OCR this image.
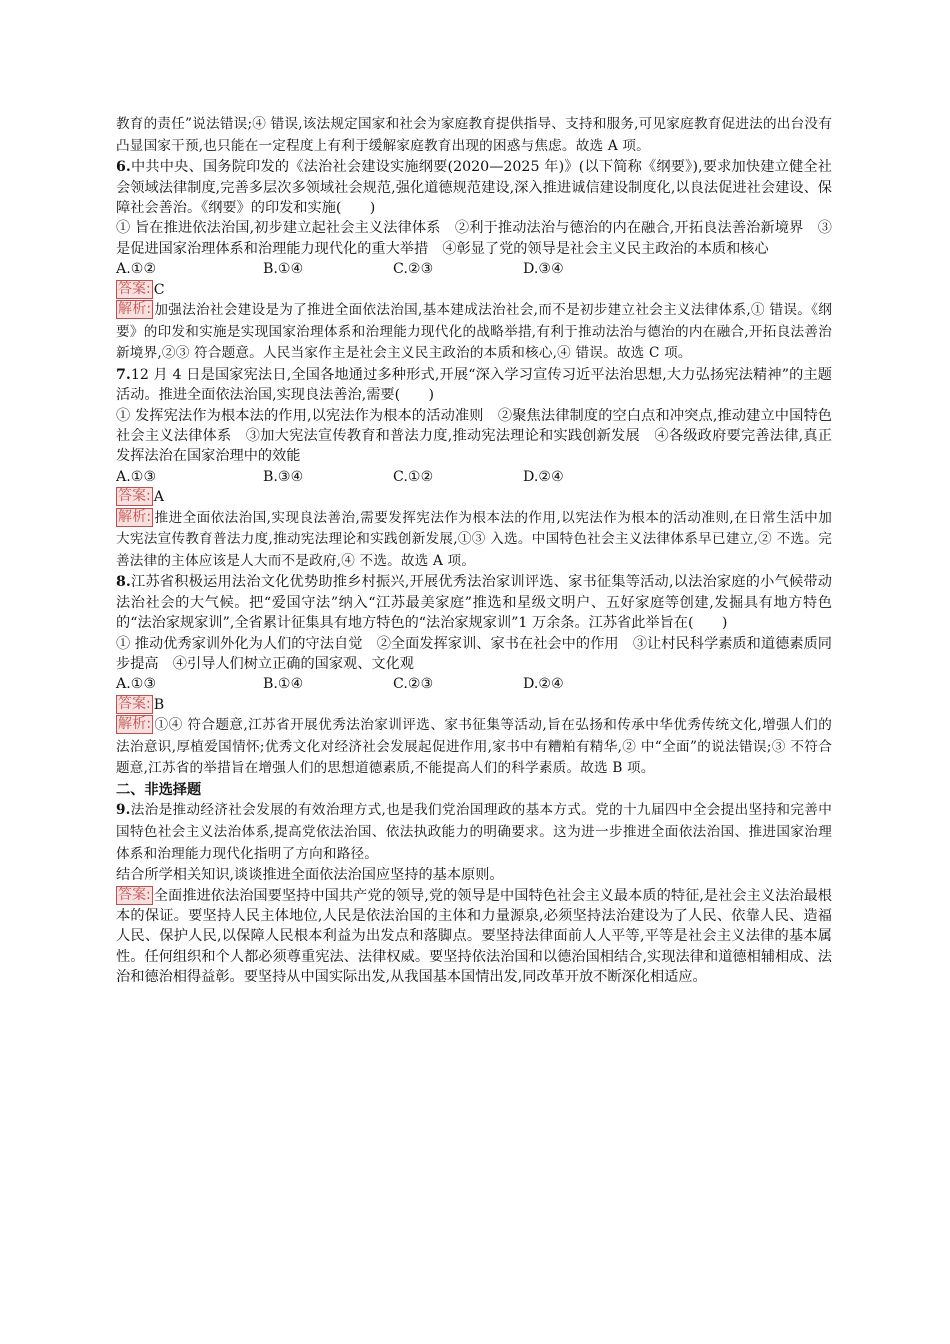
教育的责任”说法错误;④ 错误,该法规定国家和社会为家庭教育提供指导、支持和服务,可见家庭教育促进法的出台没有凸显国家干预,也只能在一定程度上有利于缓解家庭教育出现的困惑与焦虑。故选 A 项。

6.中共中央、国务院印发的《法治社会建设实施纲要(2020—2025 年)》(以下简称《纲要》),要求加快建立健全社会领域法律制度,完善多层次多领域社会规范,强化道德规范建设,深入推进诚信建设制度化,以良法促进社会建设、保障社会善治。《纲要》的印发和实施(　　)

① 旨在推进依法治国,初步建立起社会主义法律体系　②利于推动法治与德治的内在融合,开拓良法善治新境界　③是促进国家治理体系和治理能力现代化的重大举措　④彰显了党的领导是社会主义民主政治的本质和核心

A.①②	B.①④	C.②③	D.③④

答案: C

解析: 加强法治社会建设是为了推进全面依法治国,基本建成法治社会,而不是初步建立社会主义法律体系,① 错误。《纲要》的印发和实施是实现国家治理体系和治理能力现代化的战略举措,有利于推动法治与德治的内在融合,开拓良法善治新境界,②③ 符合题意。人民当家作主是社会主义民主政治的本质和核心,④ 错误。故选 C 项。

7.12 月 4 日是国家宪法日,全国各地通过多种形式,开展“深入学习宣传习近平法治思想,大力弘扬宪法精神”的主题活动。推进全面依法治国,实现良法善治,需要(　　)

① 发挥宪法作为根本法的作用,以宪法作为根本的活动准则　②聚焦法律制度的空白点和冲突点,推动建立中国特色社会主义法律体系　③加大宪法宣传教育和普法力度,推动宪法理论和实践创新发展　④各级政府要完善法律,真正发挥法治在国家治理中的效能

A.①③	B.③④	C.①②	D.②④

答案: A

解析: 推进全面依法治国,实现良法善治,需要发挥宪法作为根本法的作用,以宪法作为根本的活动准则,在日常生活中加大宪法宣传教育普法力度,推动宪法理论和实践创新发展,①③ 入选。中国特色社会主义法律体系早已建立,② 不选。完善法律的主体应该是人大而不是政府,④ 不选。故选 A 项。

8.江苏省积极运用法治文化优势助推乡村振兴,开展优秀法治家训评选、家书征集等活动,以法治家庭的小气候带动法治社会的大气候。把“爱国守法”纳入“江苏最美家庭”推选和星级文明户、五好家庭等创建,发掘具有地方特色的“法治家规家训”,全省累计征集具有地方特色的“法治家规家训”1 万余条。江苏省此举旨在(　　)

① 推动优秀家训外化为人们的守法自觉　②全面发挥家训、家书在社会中的作用　③让村民科学素质和道德素质同步提高　④引导人们树立正确的国家观、文化观

A.①③	B.①④	C.②③	D.②④

答案: B

解析: ①④ 符合题意,江苏省开展优秀法治家训评选、家书征集等活动,旨在弘扬和传承中华优秀传统文化,增强人们的法治意识,厚植爱国情怀;优秀文化对经济社会发展起促进作用,家书中有糟粕有精华,② 中“全面”的说法错误;③ 不符合题意,江苏省的举措旨在增强人们的思想道德素质,不能提高人们的科学素质。故选 B 项。

二、非选择题

9.法治是推动经济社会发展的有效治理方式,也是我们党治国理政的基本方式。党的十九届四中全会提出坚持和完善中国特色社会主义法治体系,提高党依法治国、依法执政能力的明确要求。这为进一步推进全面依法治国、推进国家治理体系和治理能力现代化指明了方向和路径。

结合所学相关知识,谈谈推进全面依法治国应坚持的基本原则。

答案: 全面推进依法治国要坚持中国共产党的领导,党的领导是中国特色社会主义最本质的特征,是社会主义法治最根本的保证。要坚持人民主体地位,人民是依法治国的主体和力量源泉,必须坚持法治建设为了人民、依靠人民、造福人民、保护人民,以保障人民根本利益为出发点和落脚点。要坚持法律面前人人平等,平等是社会主义法律的基本属性。任何组织和个人都必须尊重宪法、法律权威。要坚持依法治国和以德治国相结合,实现法律和道德相辅相成、法治和德治相得益彰。要坚持从中国实际出发,从我国基本国情出发,同改革开放不断深化相适应。
